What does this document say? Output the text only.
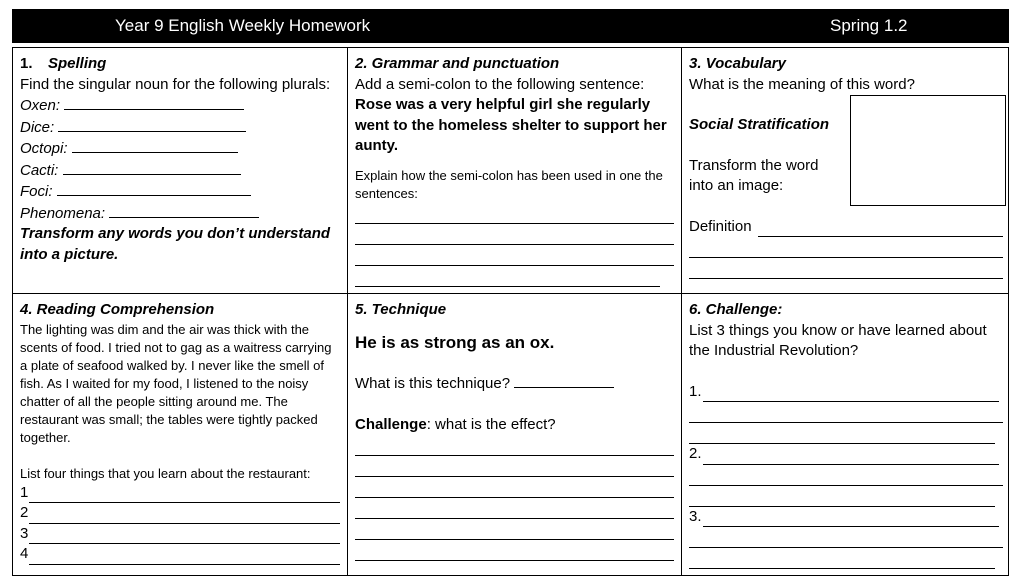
Year 9 English Weekly Homework	Spring 1.2
1. Spelling
Find the singular noun for the following plurals:
Oxen:
Dice:
Octopi:
Cacti:
Foci:
Phenomena:
Transform any words you don’t understand into a picture.
2. Grammar and punctuation
Add a semi-colon to the following sentence:
Rose was a very helpful girl she regularly went to the homeless shelter to support her aunty.
Explain how the semi-colon has been used in one the sentences:
3. Vocabulary
What is the meaning of this word?
Social Stratification
Transform the word into an image:
Definition
4. Reading Comprehension
The lighting was dim and the air was thick with the scents of food. I tried not to gag as a waitress carrying a plate of seafood walked by. I never like the smell of fish. As I waited for my food, I listened to the noisy chatter of all the people sitting around me. The restaurant was small; the tables were tightly packed together.
List four things that you learn about the restaurant:
1
2
3
4
5. Technique
He is as strong as an ox.
What is this technique?
Challenge: what is the effect?
6. Challenge:
List 3 things you know or have learned about the Industrial Revolution?
1.
2.
3.
